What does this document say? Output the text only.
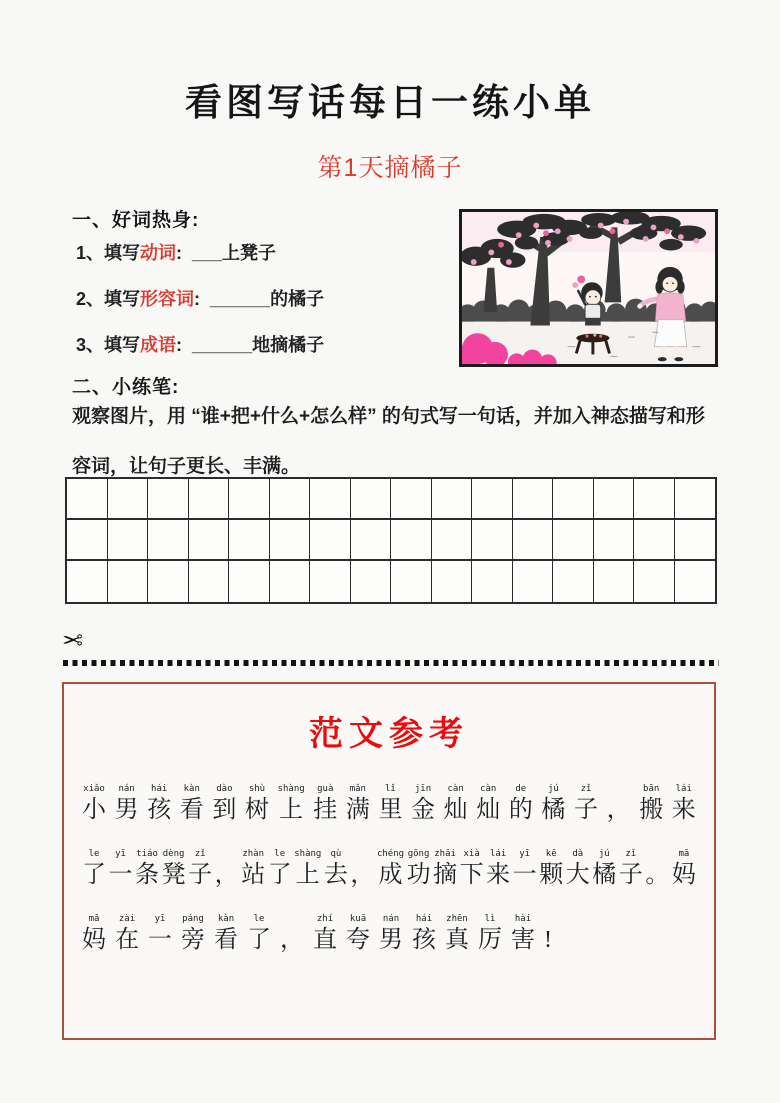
看图写话每日一练小单
第1天摘橘子
一、好词热身:
1、填写动词:  ___上凳子
2、填写形容词:  ______的橘子
3、填写成语:  ______地摘橘子
二、小练笔:
观察图片，用 “谁+把+什么+怎么样” 的句式写一句话，并加入神态描写和形
容词，让句子更长、丰满。
✂
范文参考
xiǎo
小
nán
男
hái
孩
kàn
看
dào
到
shù
树
shàng
上
guà
挂
mǎn
满
lǐ
里
jīn
金
càn
灿
càn
灿
de
的
jú
橘
zǐ
子 ，
bān
搬
lái
来
le
了
yī
一
tiáo
条
dèng
凳
zǐ
子 ，
zhàn
站
le
了
shàng
上
qù
去 ，
chéng
成
gōng
功
zhāi
摘
xià
下
lái
来
yī
一
kē
颗
dà
大
jú
橘
zǐ
子 。
mā
妈
mā
妈
zài
在
yī
一
páng
旁
kàn
看
le
了 ，
zhí
直
kuā
夸
nán
男
hái
孩
zhēn
真
lì
厉
hài
害 !
